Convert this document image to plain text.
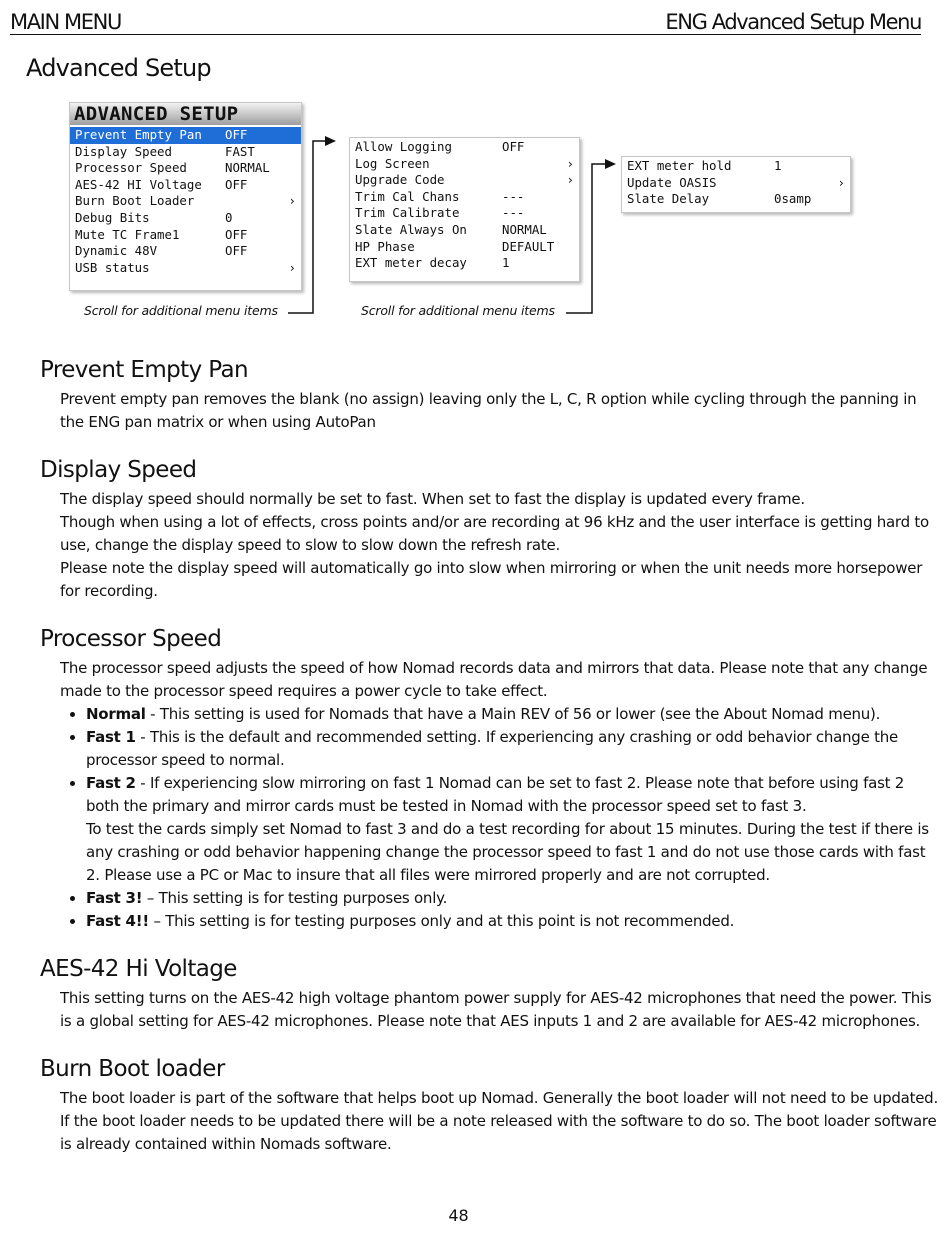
MAIN MENU	ENG Advanced Setup Menu
Advanced Setup
ADVANCED SETUP
Prevent Empty Pan OFF
Display Speed	FAST
Processor Speed	NORMAL
AES-42 HI Voltage OFF
Burn Boot Loader	›
Debug Bits	0
Mute TC Frame1	OFF
Dynamic 48V	OFF
USB status	›
Allow Logging	OFF
Log Screen	›
Upgrade Code	›
Trim Cal Chans	---
Trim Calibrate	---
Slate Always On	NORMAL
HP Phase	DEFAULT
EXT meter decay	1
EXT meter hold	1
Update OASIS	›
Slate Delay	0samp
Scroll for additional menu items	Scroll for additional menu items
Prevent Empty Pan

Prevent empty pan removes the blank (no assign) leaving only the L, C, R option while cycling through the panning in the ENG pan matrix or when using AutoPan

Display Speed

The display speed should normally be set to fast. When set to fast the display is updated every frame.

Though when using a lot of effects, cross points and/or are recording at 96 kHz and the user interface is getting hard to use, change the display speed to slow to slow down the refresh rate.

Please note the display speed will automatically go into slow when mirroring or when the unit needs more horsepower for recording.

Processor Speed

The processor speed adjusts the speed of how Nomad records data and mirrors that data. Please note that any change made to the processor speed requires a power cycle to take effect.

• Normal - This setting is used for Nomads that have a Main REV of 56 or lower (see the About Nomad menu).
• Fast 1 - This is the default and recommended setting. If experiencing any crashing or odd behavior change the processor speed to normal.
• Fast 2 - If experiencing slow mirroring on fast 1 Nomad can be set to fast 2. Please note that before using fast 2 both the primary and mirror cards must be tested in Nomad with the processor speed set to fast 3.
To test the cards simply set Nomad to fast 3 and do a test recording for about 15 minutes. During the test if there is any crashing or odd behavior happening change the processor speed to fast 1 and do not use those cards with fast 2. Please use a PC or Mac to insure that all files were mirrored properly and are not corrupted.
• Fast 3! – This setting is for testing purposes only.
• Fast 4!! – This setting is for testing purposes only and at this point is not recommended.
AES-42 Hi Voltage

This setting turns on the AES-42 high voltage phantom power supply for AES-42 microphones that need the power. This is a global setting for AES-42 microphones. Please note that AES inputs 1 and 2 are available for AES-42 microphones.

Burn Boot loader

The boot loader is part of the software that helps boot up Nomad. Generally the boot loader will not need to be updated. If the boot loader needs to be updated there will be a note released with the software to do so. The boot loader software is already contained within Nomads software.

48
